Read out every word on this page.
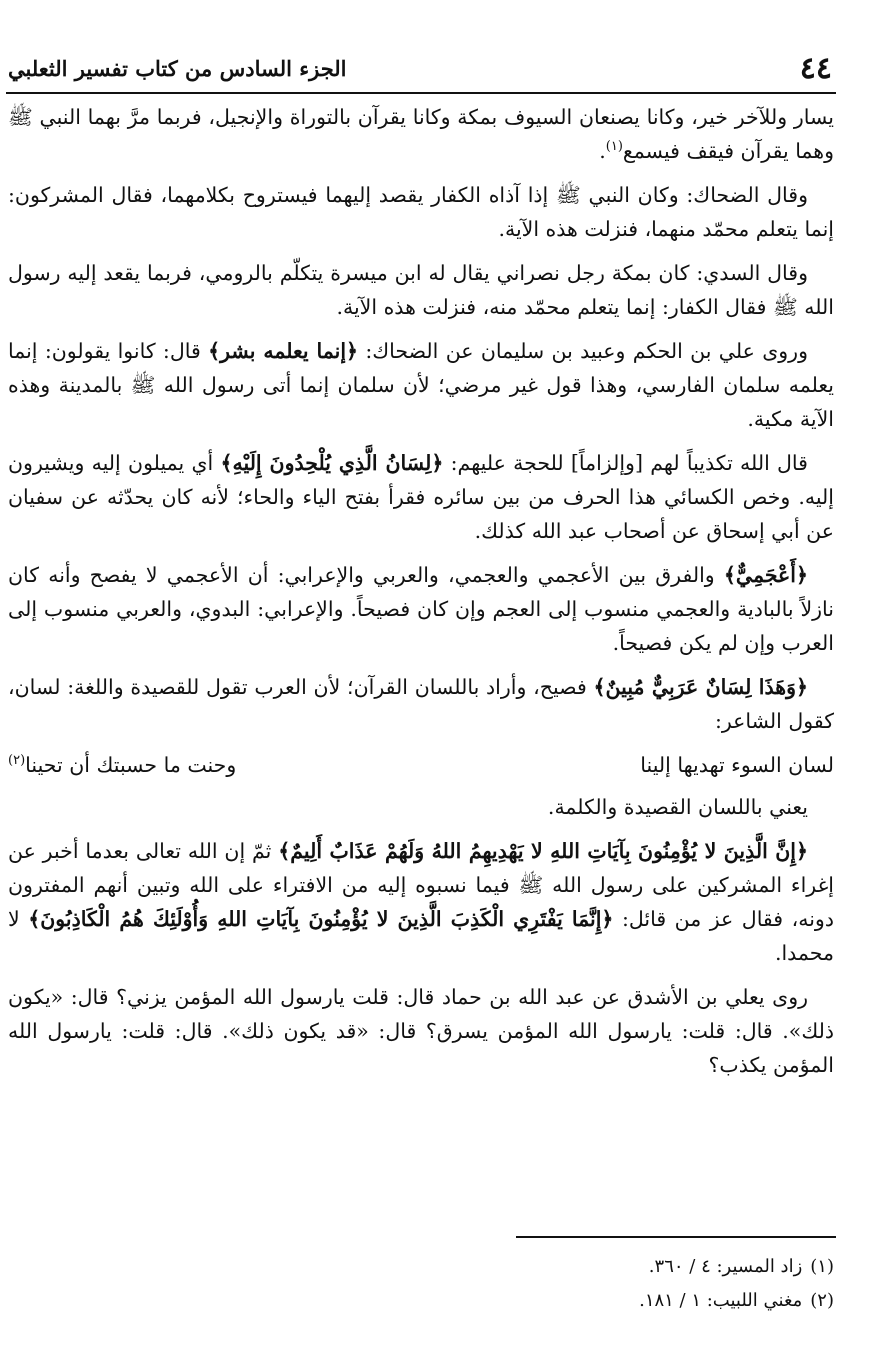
٤٤
الجزء السادس من كتاب تفسير الثعلبي

يسار وللآخر خير، وكانا يصنعان السيوف بمكة وكانا يقرآن بالتوراة والإنجيل، فربما مرَّ بهما النبي ﷺ وهما يقرآن فيقف فيسمع$^{(١)}$.

وقال الضحاك: وكان النبي ﷺ إذا آذاه الكفار يقصد إليهما فيستروح بكلامهما، فقال المشركون: إنما يتعلم محمّد منهما، فنزلت هذه الآية.

وقال السدي: كان بمكة رجل نصراني يقال له ابن ميسرة يتكلّم بالرومي، فربما يقعد إليه رسول الله ﷺ فقال الكفار: إنما يتعلم محمّد منه، فنزلت هذه الآية.

وروى علي بن الحكم وعبيد بن سليمان عن الضحاك: ﴿إنما يعلمه بشر﴾ قال: كانوا يقولون: إنما يعلمه سلمان الفارسي، وهذا قول غير مرضي؛ لأن سلمان إنما أتى رسول الله ﷺ بالمدينة وهذه الآية مكية.

قال الله تكذيباً لهم [وإلزاماً] للحجة عليهم: ﴿لِسَانُ الَّذِي يُلْحِدُونَ إِلَيْهِ﴾ أي يميلون إليه ويشيرون إليه. وخص الكسائي هذا الحرف من بين سائره فقرأ بفتح الياء والحاء؛ لأنه كان يحدّثه عن سفيان عن أبي إسحاق عن أصحاب عبد الله كذلك.

﴿أَعْجَمِيٌّ﴾ والفرق بين الأعجمي والعجمي، والعربي والإعرابي: أن الأعجمي لا يفصح وأنه كان نازلاً بالبادية والعجمي منسوب إلى العجم وإن كان فصيحاً. والإعرابي: البدوي، والعربي منسوب إلى العرب وإن لم يكن فصيحاً.

﴿وَهَذَا لِسَانٌ عَرَبِيٌّ مُبِينٌ﴾ فصيح، وأراد باللسان القرآن؛ لأن العرب تقول للقصيدة واللغة: لسان، كقول الشاعر:

لسان السوء تهديها إلينا
وحنت ما حسبتك أن تحينا$^{(٢)}$

يعني باللسان القصيدة والكلمة.

﴿إِنَّ الَّذِينَ لا يُؤْمِنُونَ بِآيَاتِ اللهِ لا يَهْدِيهِمُ اللهُ وَلَهُمْ عَذَابٌ أَلِيمٌ﴾ ثمّ إن الله تعالى بعدما أخبر عن إغراء المشركين على رسول الله ﷺ فيما نسبوه إليه من الافتراء على الله وتبين أنهم المفترون دونه، فقال عز من قائل: ﴿إِنَّمَا يَفْتَرِي الْكَذِبَ الَّذِينَ لا يُؤْمِنُونَ بِآيَاتِ اللهِ وَأُوْلَئِكَ هُمُ الْكَاذِبُونَ﴾ لا محمدا.

روى يعلي بن الأشدق عن عبد الله بن حماد قال: قلت يارسول الله المؤمن يزني؟ قال: «يكون ذلك». قال: قلت: يارسول الله المؤمن يسرق؟ قال: «قد يكون ذلك». قال: قلت: يارسول الله المؤمن يكذب؟

(١)زاد المسير: ٤ / ٣٦٠.

(٢)مغني اللبيب: ١ / ١٨١.
